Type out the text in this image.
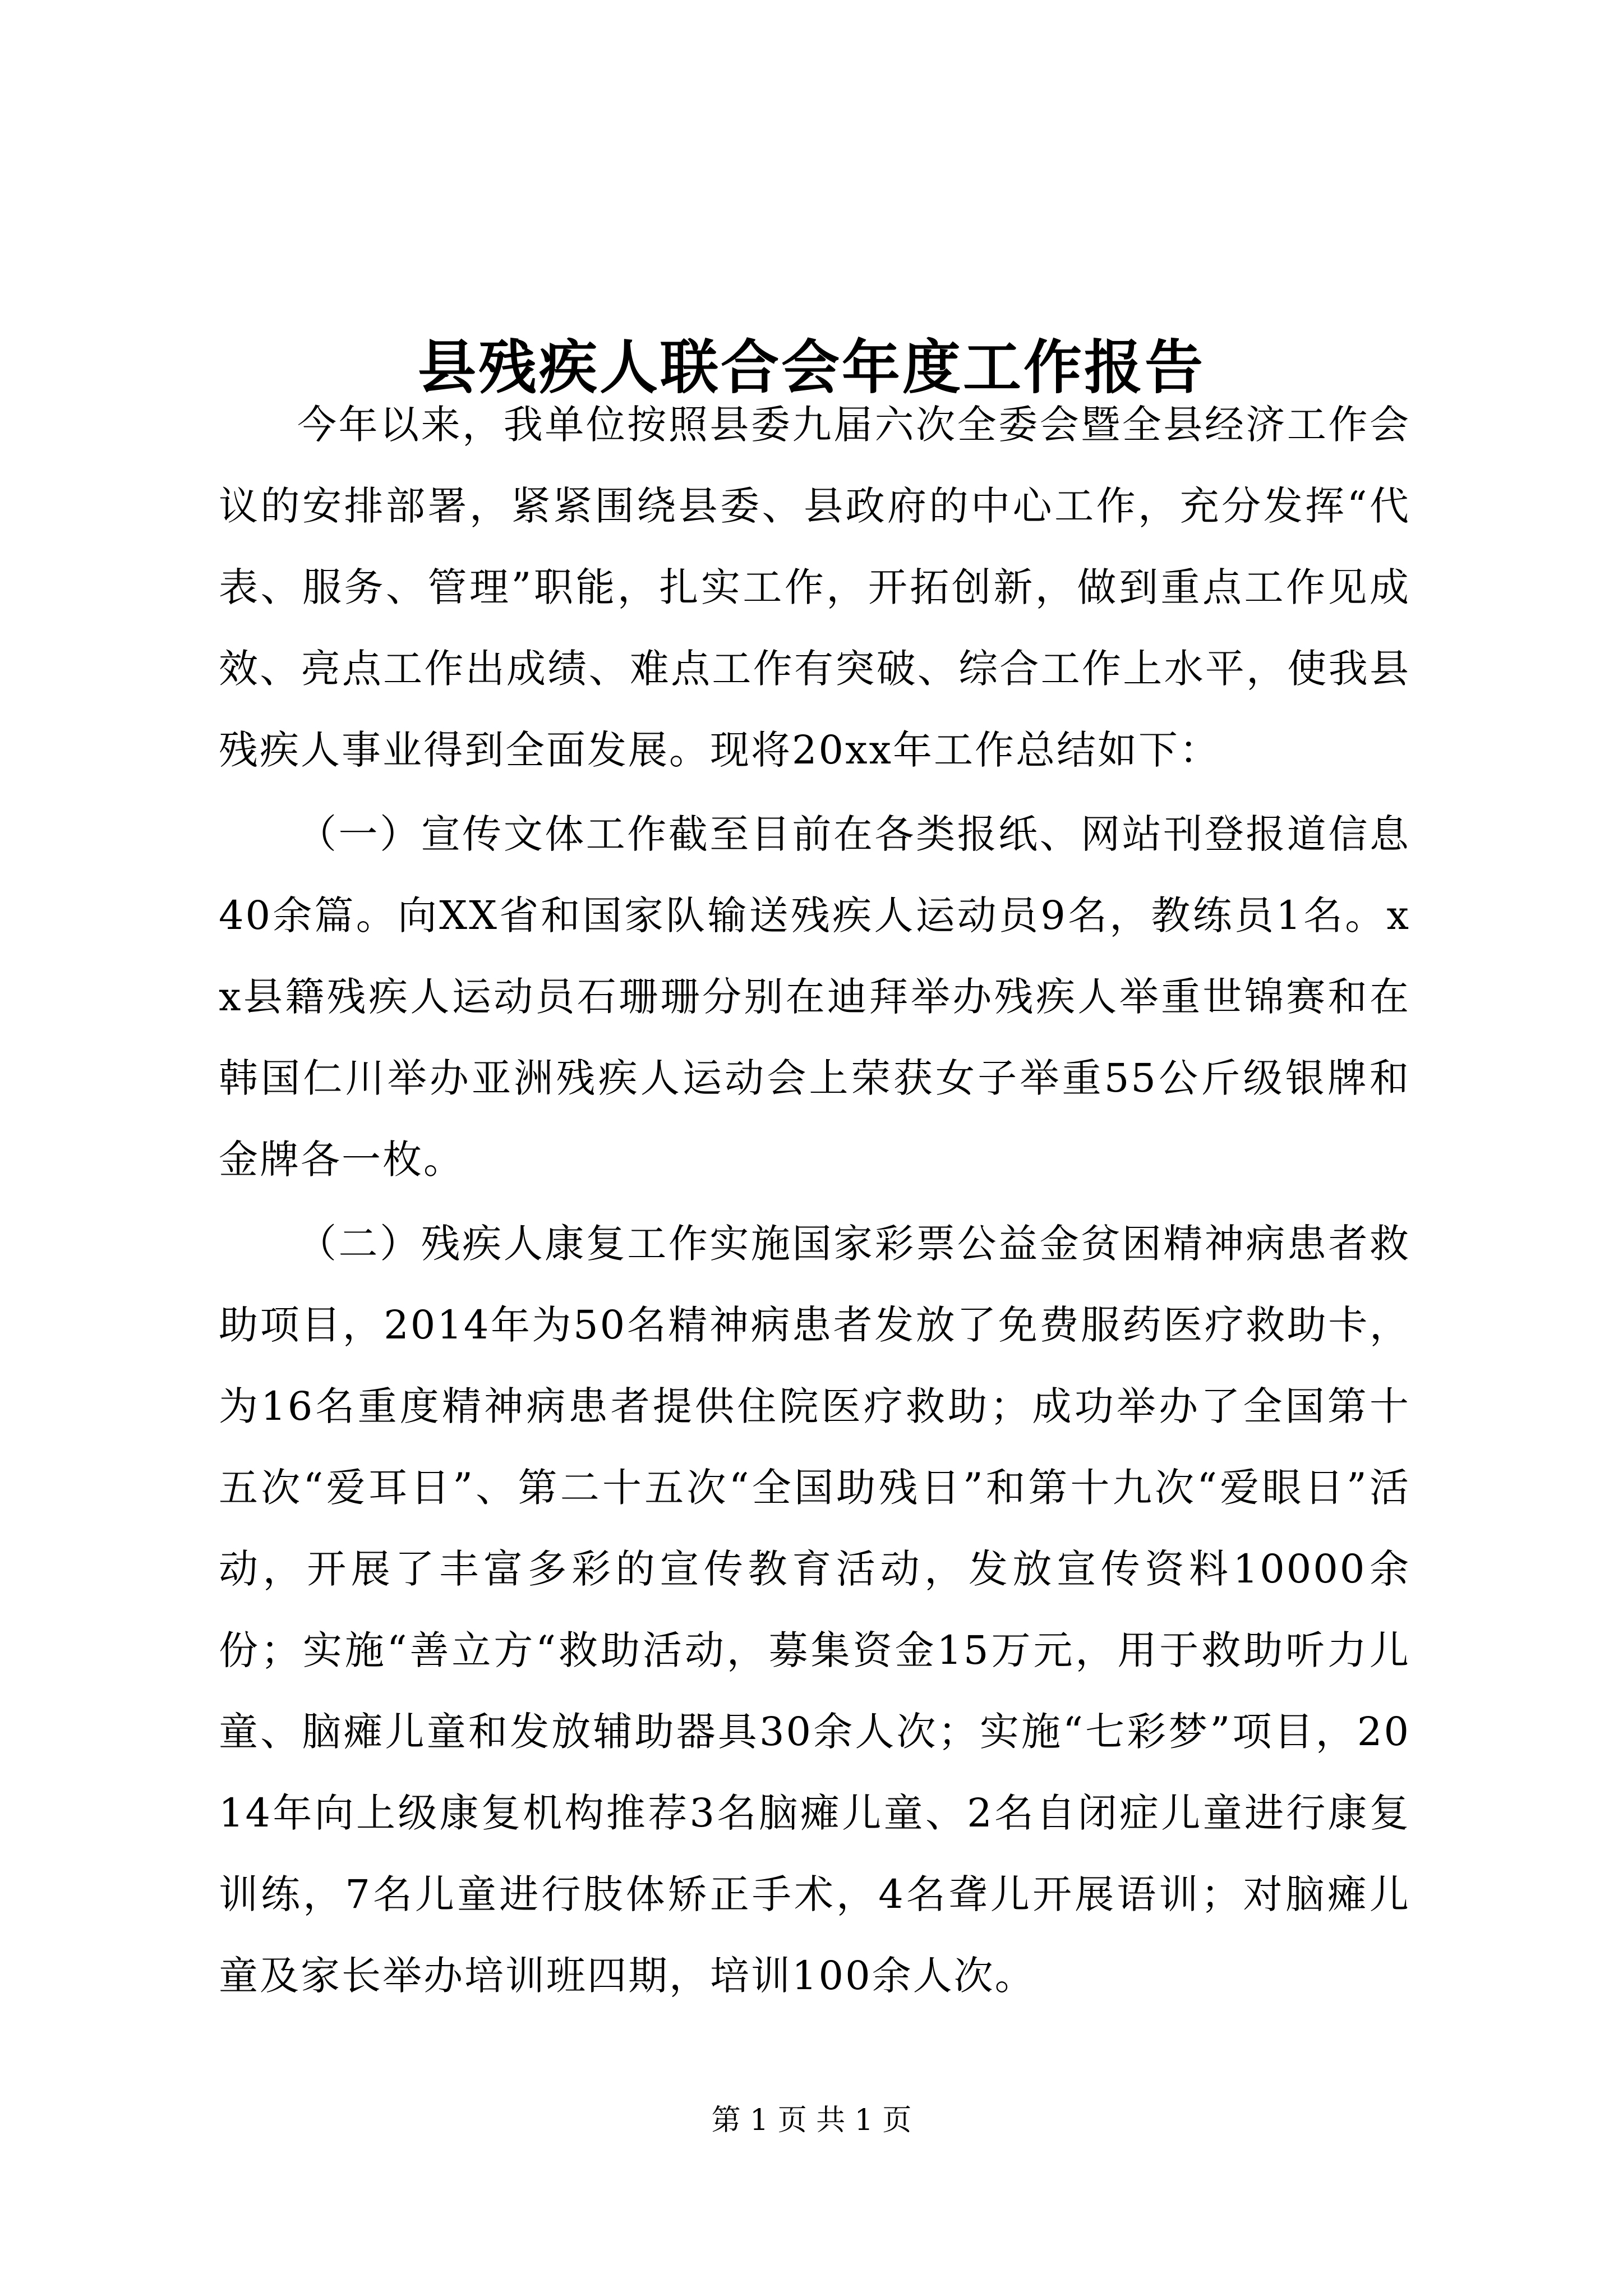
县残疾人联合会年度工作报告

今年以来，我单位按照县委九届六次全委会暨全县经济工作会议的安排部署，紧紧围绕县委、县政府的中心工作，充分发挥“代表、服务、管理”职能，扎实工作，开拓创新，做到重点工作见成效、亮点工作出成绩、难点工作有突破、综合工作上水平，使我县残疾人事业得到全面发展。现将20xx年工作总结如下：

（一）宣传文体工作截至目前在各类报纸、网站刊登报道信息40余篇。向XX省和国家队输送残疾人运动员9名，教练员1名。xx县籍残疾人运动员石珊珊分别在迪拜举办残疾人举重世锦赛和在韩国仁川举办亚洲残疾人运动会上荣获女子举重55公斤级银牌和金牌各一枚。

（二）残疾人康复工作实施国家彩票公益金贫困精神病患者救助项目，2014年为50名精神病患者发放了免费服药医疗救助卡，为16名重度精神病患者提供住院医疗救助；成功举办了全国第十五次“爱耳日”、第二十五次“全国助残日”和第十九次“爱眼日”活动，开展了丰富多彩的宣传教育活动，发放宣传资料10000余份；实施“善立方“救助活动，募集资金15万元，用于救助听力儿童、脑瘫儿童和发放辅助器具30余人次；实施“七彩梦”项目，2014年向上级康复机构推荐3名脑瘫儿童、2名自闭症儿童进行康复训练，7名儿童进行肢体矫正手术，4名聋儿开展语训；对脑瘫儿童及家长举办培训班四期，培训100余人次。

第 1 页 共 1 页
